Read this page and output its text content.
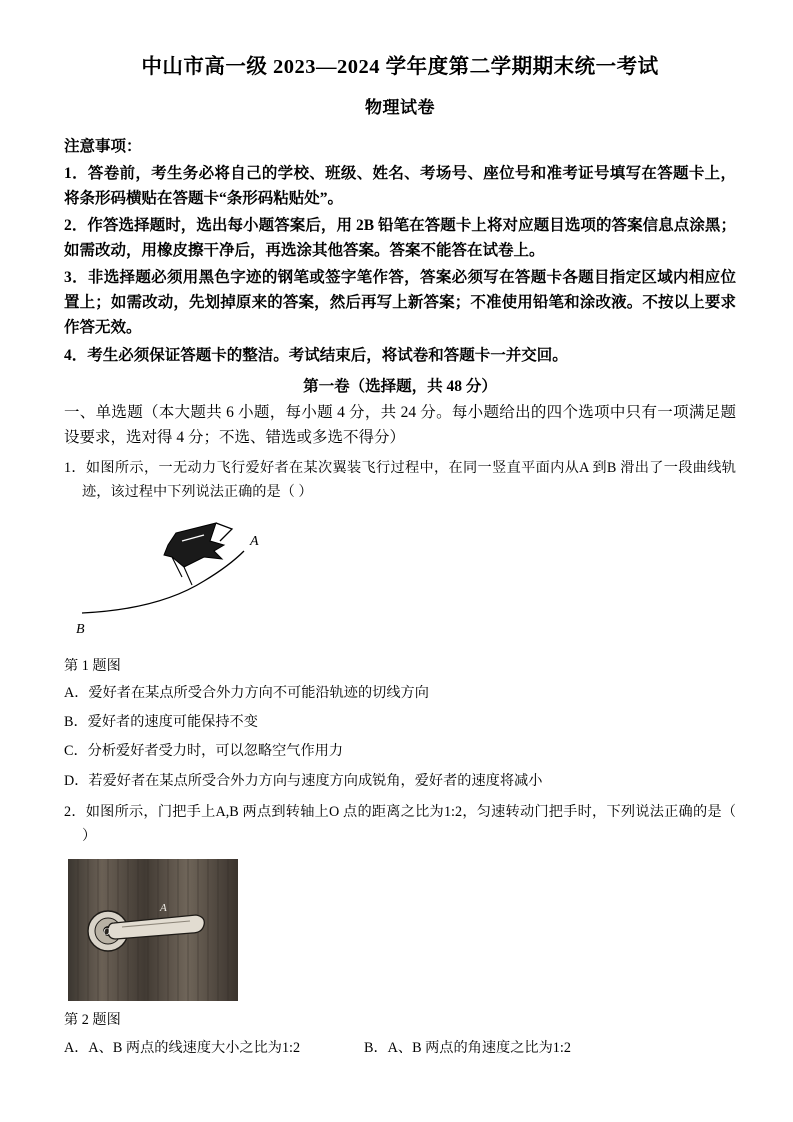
中山市高一级 2023—2024 学年度第二学期期末统一考试
物理试卷
注意事项：
1．答卷前，考生务必将自己的学校、班级、姓名、考场号、座位号和准考证号填写在答题卡上，将条形码横贴在答题卡“条形码粘贴处”。
2．作答选择题时，选出每小题答案后，用 2B 铅笔在答题卡上将对应题目选项的答案信息点涂黑；如需改动，用橡皮擦干净后，再选涂其他答案。答案不能答在试卷上。
3．非选择题必须用黑色字迹的钢笔或签字笔作答，答案必须写在答题卡各题目指定区域内相应位置上；如需改动，先划掉原来的答案，然后再写上新答案；不准使用铅笔和涂改液。不按以上要求作答无效。
4．考生必须保证答题卡的整洁。考试结束后，将试卷和答题卡一并交回。
第一卷（选择题，共 48 分）
一、单选题（本大题共 6 小题，每小题 4 分，共 24 分。每小题给出的四个选项中只有一项满足题设要求，选对得 4 分；不选、错选或多选不得分）
1．如图所示，一无动力飞行爱好者在某次翼装飞行过程中，在同一竖直平面内从A 到B 滑出了一段曲线轨迹，该过程中下列说法正确的是（ ）
A
B
第 1 题图
A．爱好者在某点所受合外力方向不可能沿轨迹的切线方向
B．爱好者的速度可能保持不变
C．分析爱好者受力时，可以忽略空气作用力
D．若爱好者在某点所受合外力方向与速度方向成锐角，爱好者的速度将减小
2．如图所示，门把手上A,B 两点到转轴上O 点的距离之比为1:2，匀速转动门把手时，下列说法正确的是（ ）
A
O
第 2 题图
A．A、B 两点的线速度大小之比为1:2	B．A、B 两点的角速度之比为1:2
